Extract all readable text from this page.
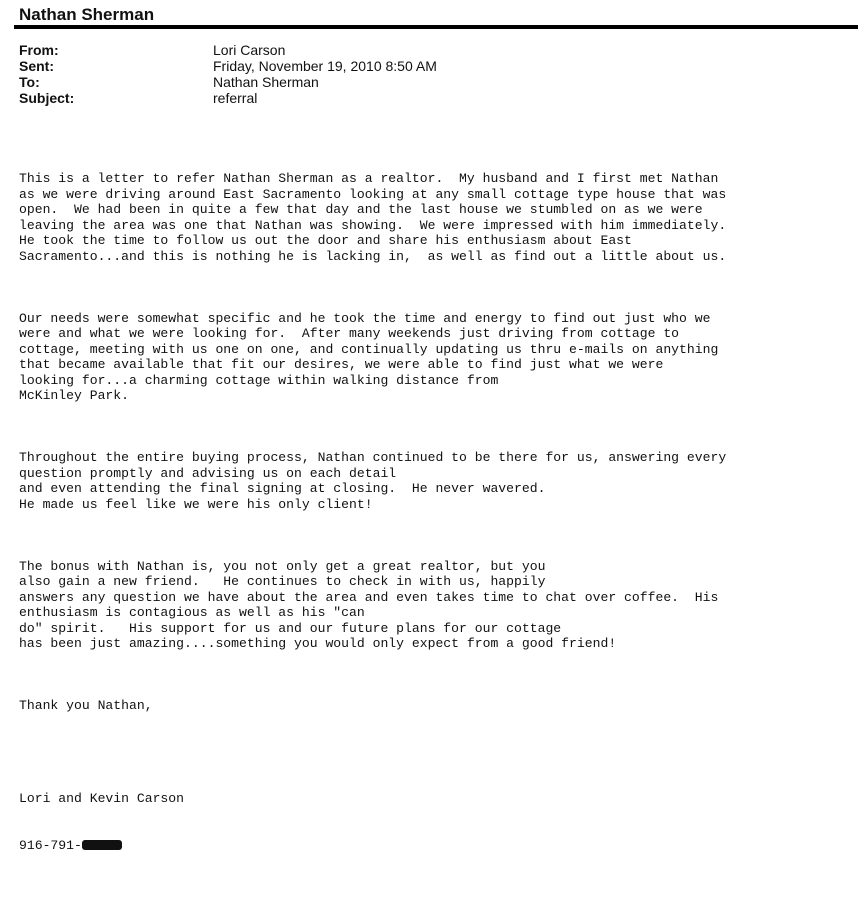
Nathan Sherman
From:	Lori Carson
Sent:	Friday, November 19, 2010 8:50 AM
To:	Nathan Sherman
Subject:	referral

This is a letter to refer Nathan Sherman as a realtor.  My husband and I first met Nathan
as we were driving around East Sacramento looking at any small cottage type house that was
open.  We had been in quite a few that day and the last house we stumbled on as we were
leaving the area was one that Nathan was showing.  We were impressed with him immediately.
He took the time to follow us out the door and share his enthusiasm about East
Sacramento...and this is nothing he is lacking in,  as well as find out a little about us.

Our needs were somewhat specific and he took the time and energy to find out just who we
were and what we were looking for.  After many weekends just driving from cottage to
cottage, meeting with us one on one, and continually updating us thru e-mails on anything
that became available that fit our desires, we were able to find just what we were
looking for...a charming cottage within walking distance from
McKinley Park.

Throughout the entire buying process, Nathan continued to be there for us, answering every
question promptly and advising us on each detail
and even attending the final signing at closing.  He never wavered.
He made us feel like we were his only client!

The bonus with Nathan is, you not only get a great realtor, but you
also gain a new friend.   He continues to check in with us, happily
answers any question we have about the area and even takes time to chat over coffee.  His
enthusiasm is contagious as well as his "can
do" spirit.   His support for us and our future plans for our cottage
has been just amazing....something you would only expect from a good friend!

Thank you Nathan,

Lori and Kevin Carson

916-791-
